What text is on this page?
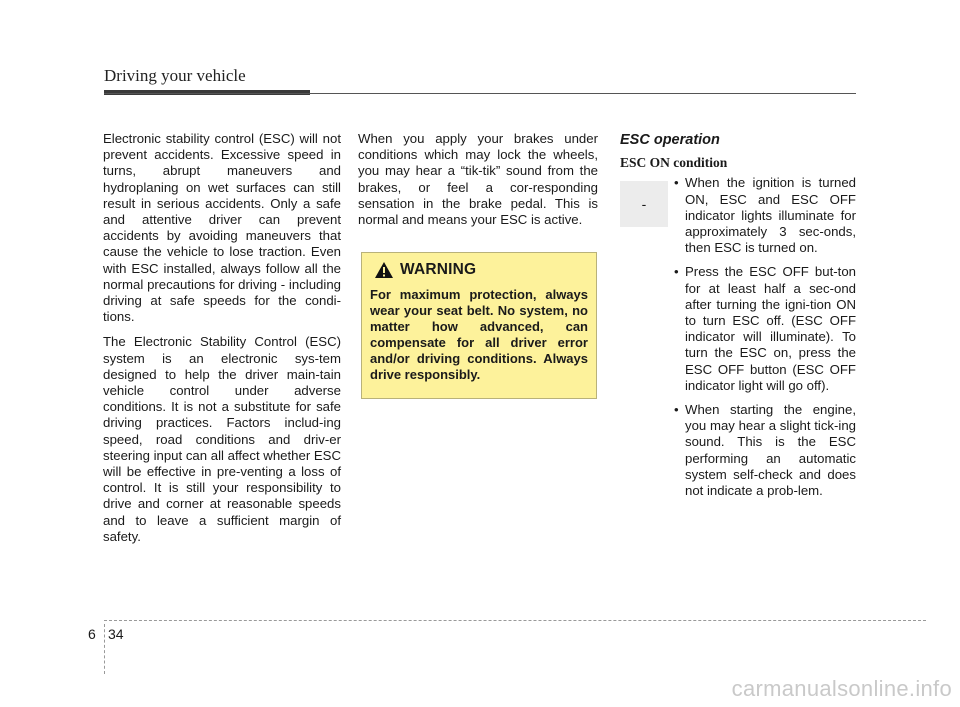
Driving your vehicle

Electronic stability control (ESC) will not prevent accidents. Excessive speed in turns, abrupt maneuvers and hydroplaning on wet surfaces can still result in serious accidents. Only a safe and attentive driver can prevent accidents by avoiding maneuvers that cause the vehicle to lose traction. Even with ESC installed, always follow all the normal precautions for driving - including driving at safe speeds for the condi-tions.

The Electronic Stability Control (ESC) system is an electronic sys-tem designed to help the driver main-tain vehicle control under adverse conditions. It is not a substitute for safe driving practices. Factors includ-ing speed, road conditions and driv-er steering input can all affect whether ESC will be effective in pre-venting a loss of control. It is still your responsibility to drive and corner at reasonable speeds and to leave a sufficient margin of safety.

When you apply your brakes under conditions which may lock the wheels, you may hear a “tik-tik” sound from the brakes, or feel a cor-responding sensation in the brake pedal. This is normal and means your ESC is active.

WARNING
For maximum protection, always wear your seat belt. No system, no matter how advanced, can compensate for all driver error and/or driving conditions. Always drive responsibly.
ESC operation
ESC ON condition
-
• When the ignition is turned ON, ESC and ESC OFF indicator lights illuminate for approximately 3 sec-onds, then ESC is turned on.
• Press the ESC OFF but-ton for at least half a sec-ond after turning the igni-tion ON to turn ESC off. (ESC OFF indicator will illuminate). To turn the ESC on, press the ESC OFF button (ESC OFF indicator light will go off).
• When starting the engine, you may hear a slight tick-ing sound. This is the ESC performing an automatic system self-check and does not indicate a prob-lem.
6 34
carmanualsonline.info
